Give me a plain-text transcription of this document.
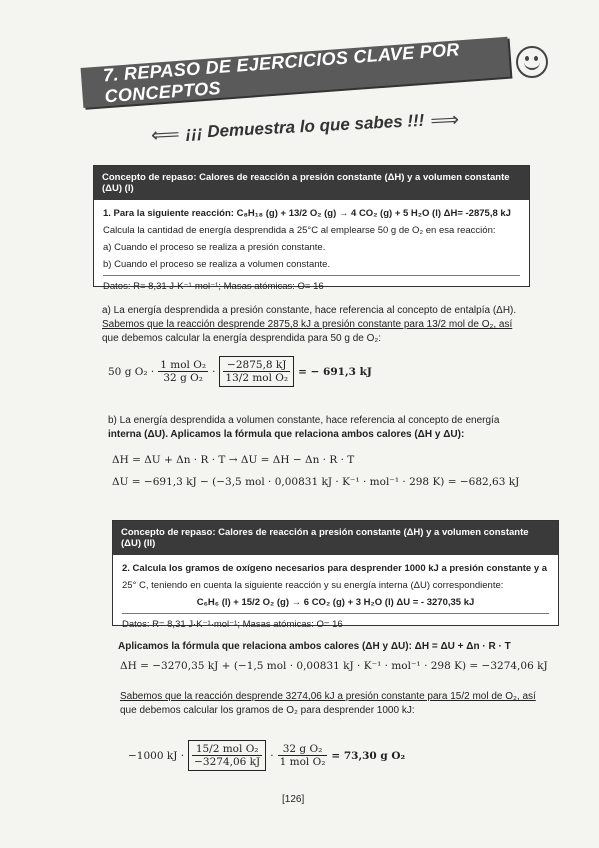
7. REPASO DE EJERCICIOS CLAVE POR CONCEPTOS
⟸ ¡¡¡ Demuestra lo que sabes !!! ⟹
Concepto de repaso: Calores de reacción a presión constante (ΔH) y a volumen constante (ΔU) (I)
1. Para la siguiente reacción: C₈H₁₈ (g) + 13/2 O₂ (g) → 4 CO₂ (g) + 5 H₂O (l) ΔH= -2875,8 kJ
Calcula la cantidad de energía desprendida a 25°C al emplearse 50 g de O₂ en esa reacción:
a) Cuando el proceso se realiza a presión constante.
b) Cuando el proceso se realiza a volumen constante.
Datos: R= 8,31 J·K⁻¹·mol⁻¹; Masas atómicas: O= 16
a) La energía desprendida a presión constante, hace referencia al concepto de entalpía (ΔH).
Sabemos que la reacción desprende 2875,8 kJ a presión constante para 13/2 mol de O₂, así
que debemos calcular la energía desprendida para 50 g de O₂:
50 g $O_2 \cdot \frac{\text{1 mol O₂}}{\text{32 g O₂}} \cdot \frac{-2875,8 kJ}{\text{13/2 mol O₂}}$ = − 691,3 kJ
b) La energía desprendida a volumen constante, hace referencia al concepto de energía
interna (ΔU). Aplicamos la fórmula que relaciona ambos calores (ΔH y ΔU):
ΔH = ΔU + Δn · R · T → ΔU = ΔH − Δn · R · T
ΔU = −691,3 kJ − (−3,5 mol · 0,00831 kJ · K⁻¹ · mol⁻¹ · 298 K) = −682,63 kJ
Concepto de repaso: Calores de reacción a presión constante (ΔH) y a volumen constante (ΔU) (II)
2. Calcula los gramos de oxígeno necesarios para desprender 1000 kJ a presión constante y a
25° C, teniendo en cuenta la siguiente reacción y su energía interna (ΔU) correspondiente:
C₆H₆ (l) + 15/2 O₂ (g) → 6 CO₂ (g) + 3 H₂O (l) ΔU = - 3270,35 kJ
Datos: R= 8,31 J·K⁻¹·mol⁻¹; Masas atómicas: O= 16
Aplicamos la fórmula que relaciona ambos calores (ΔH y ΔU): ΔH = ΔU + Δn · R · T
ΔH = −3270,35 kJ + (−1,5 mol · 0,00831 kJ · K⁻¹ · mol⁻¹ · 298 K) = −3274,06 kJ
Sabemos que la reacción desprende 3274,06 kJ a presión constante para 15/2 mol de O₂, así
que debemos calcular los gramos de O₂ para desprender 1000 kJ:
−1000 kJ · $\frac{\text{15/2 mol O₂}}{-3274,06 kJ} \cdot \frac{\text{32 g O₂}}{\text{1 mol O₂}} = 73,30$ g O₂
[126]
